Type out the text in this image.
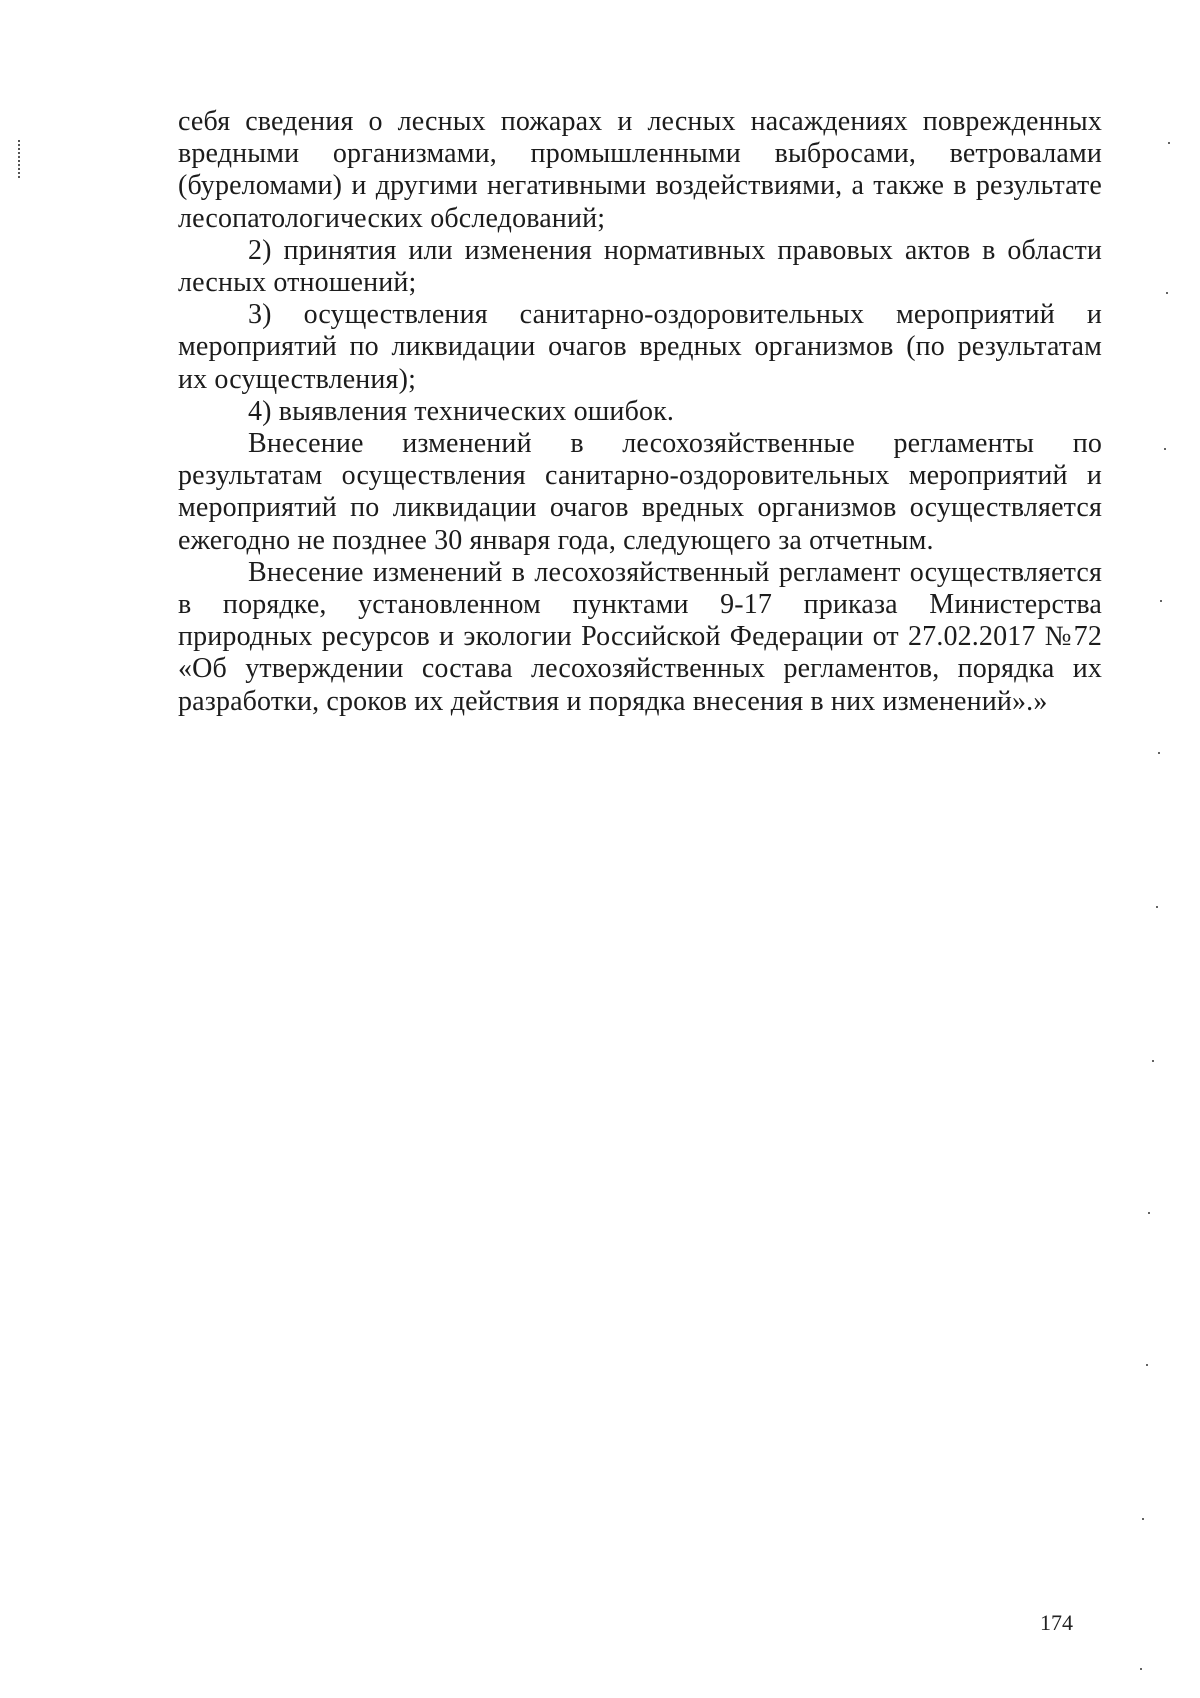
себя сведения о лесных пожарах и лесных насаждениях поврежденных
вредными организмами, промышленными выбросами, ветровалами
(буреломами) и другими негативными воздействиями, а также в результате
лесопатологических обследований;
2) принятия или изменения нормативных правовых актов в области
лесных отношений;
3) осуществления санитарно-оздоровительных мероприятий и
мероприятий по ликвидации очагов вредных организмов (по результатам
их осуществления);
4) выявления технических ошибок.
Внесение изменений в лесохозяйственные регламенты по
результатам осуществления санитарно-оздоровительных мероприятий и
мероприятий по ликвидации очагов вредных организмов осуществляется
ежегодно не позднее 30 января года, следующего за отчетным.
Внесение изменений в лесохозяйственный регламент осуществляется
в порядке, установленном пунктами 9-17 приказа Министерства
природных ресурсов и экологии Российской Федерации от 27.02.2017 №72
«Об утверждении состава лесохозяйственных регламентов, порядка их
разработки, сроков их действия и порядка внесения в них изменений».»
174
